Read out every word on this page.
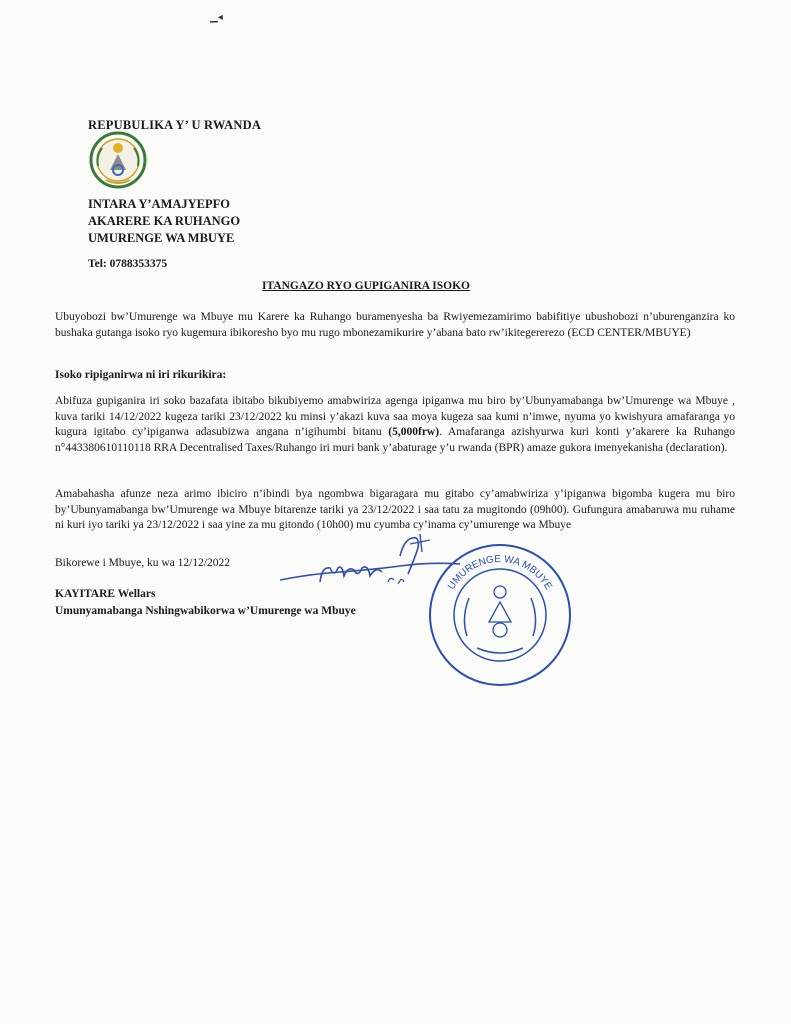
▁◂
REPUBULIKA Y’ U RWANDA
INTARA Y’AMAJYEPFO
AKARERE KA RUHANGO
UMURENGE WA MBUYE
Tel: 0788353375
ITANGAZO RYO GUPIGANIRA ISOKO
Ubuyobozi bw’Umurenge wa Mbuye mu Karere ka Ruhango buramenyesha ba Rwiyemezamirimo babifitiye ubushobozi n’uburenganzira ko bushaka gutanga isoko ryo kugemura ibikoresho byo mu rugo mbonezamikurire y’abana bato rw’ikitegererezo (ECD CENTER/MBUYE)
Isoko ripiganirwa ni iri rikurikira:
Abifuza gupiganira iri soko bazafata ibitabo bikubiyemo amabwiriza agenga ipiganwa mu biro by’Ubunyamabanga bw’Umurenge wa Mbuye , kuva tariki 14/12/2022 kugeza tariki 23/12/2022 ku minsi y’akazi kuva saa moya kugeza saa kumi n’imwe, nyuma yo kwishyura amafaranga yo kugura igitabo cy’ipiganwa adasubizwa angana n’igihumbi bitanu (5,000frw). Amafaranga azishyurwa kuri konti y’akarere ka Ruhango n°443380610110118 RRA Decentralised Taxes/Ruhango iri muri bank y’abaturage y’u rwanda (BPR) amaze gukora imenyekanisha (declaration).
Amabahasha afunze neza arimo ibiciro n’ibindi bya ngombwa bigaragara mu gitabo cy’amabwiriza y’ipiganwa bigomba kugera mu biro by’Ubunyamabanga bw’Umurenge wa Mbuye bitarenze tariki ya 23/12/2022 i saa tatu za mugitondo (09h00). Gufungura amabaruwa mu ruhame ni kuri iyo tariki ya 23/12/2022 i saa yine za mu gitondo (10h00) mu cyumba cy’inama cy’umurenge wa Mbuye
Bikorewe i Mbuye, ku wa 12/12/2022
KAYITARE Wellars
Umunyamabanga Nshingwabikorwa w’Umurenge wa Mbuye
UMURENGE WA MBUYE
